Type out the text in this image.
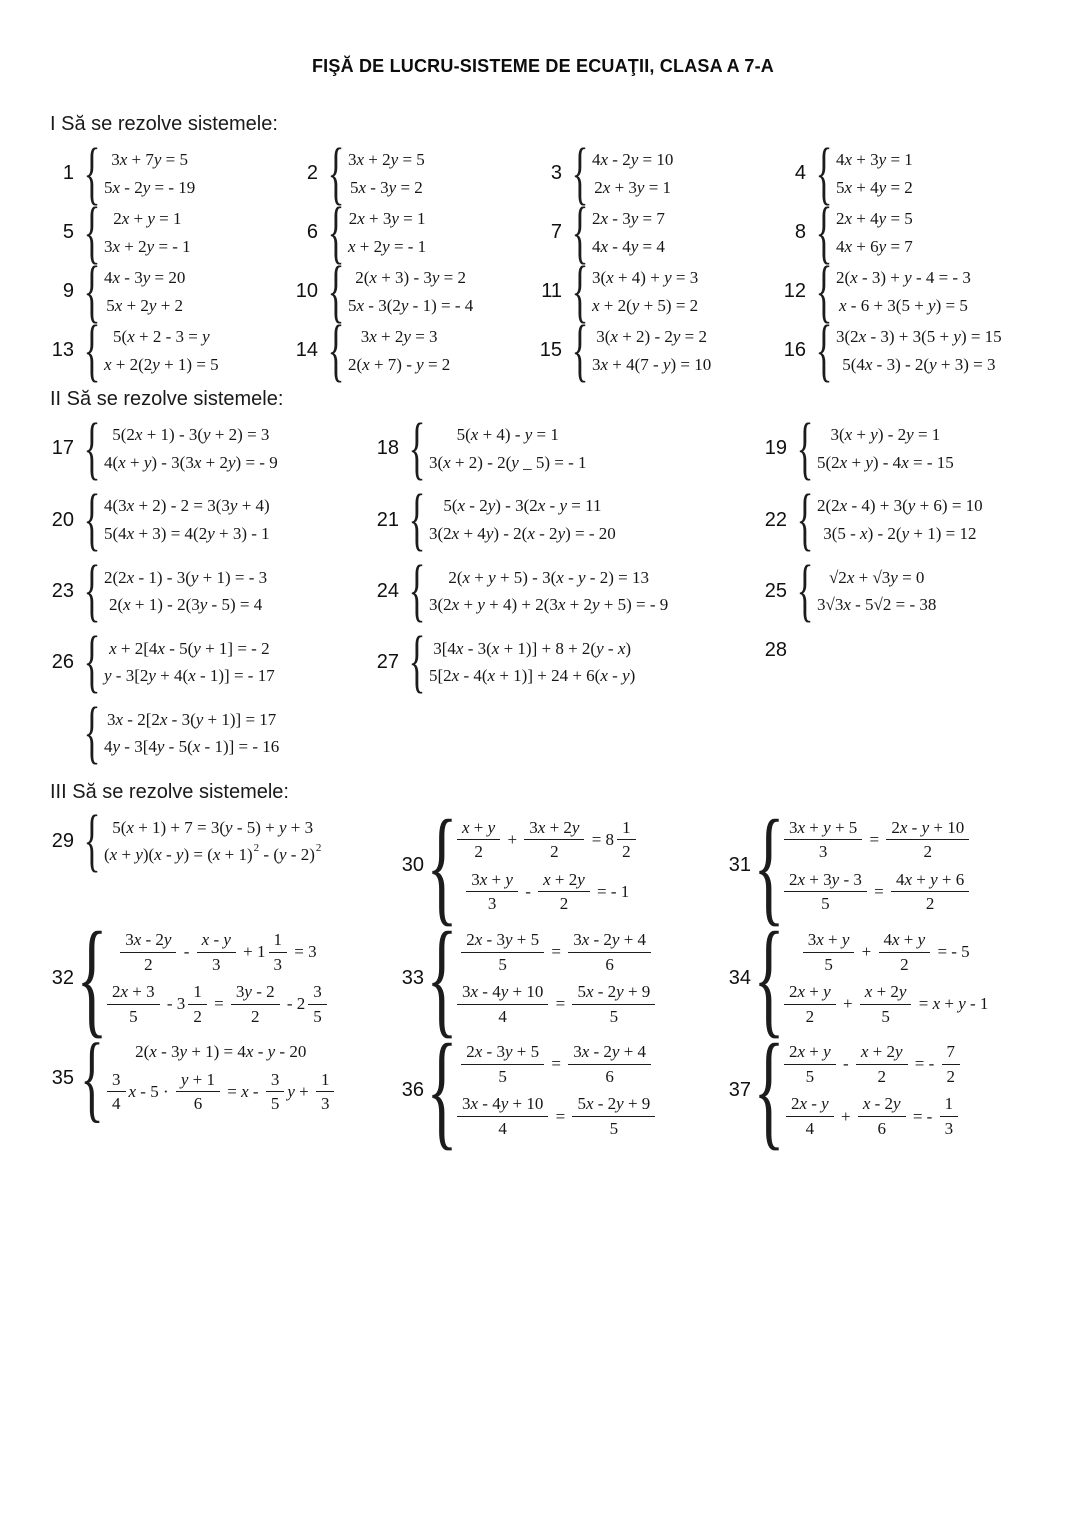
FIŞĂ DE LUCRU-SISTEME DE ECUAŢII, CLASA A 7-A
I Să se rezolve sistemele:
1 { 3x + 7y = 5
5x - 2y = - 19
2 { 3x + 2y = 5
5x - 3y = 2
3 { 4x - 2y = 10
2x + 3y = 1
4 { 4x + 3y = 1
5x + 4y = 2
5 { 2x + y = 1
3x + 2y = - 1
6 { 2x + 3y = 1
x + 2y = - 1
7 { 2x - 3y = 7
4x - 4y = 4
8 { 2x + 4y = 5
4x + 6y = 7
9 { 4x - 3y = 20
5x + 2y + 2
10 { 2(x + 3) - 3y = 2
5x - 3(2y - 1) = - 4
11 { 3(x + 4) + y = 3
x + 2(y + 5) = 2
12 { 2(x - 3) + y - 4 = - 3
x - 6 + 3(5 + y) = 5
13 { 5(x + 2 - 3 = y
x + 2(2y + 1) = 5
14 { 3x + 2y = 3
2(x + 7) - y = 2
15 { 3(x + 2) - 2y = 2
3x + 4(7 - y) = 10
16 { 3(2x - 3) + 3(5 + y) = 15
5(4x - 3) - 2(y + 3) = 3
II Să se rezolve sistemele:
17 { 5(2x + 1) - 3(y + 2) = 3
4(x + y) - 3(3x + 2y) = - 9
18 { 5(x + 4) - y = 1
3(x + 2) - 2(y _ 5) = - 1
19 { 3(x + y) - 2y = 1
5(2x + y) - 4x = - 15
20 { 4(3x + 2) - 2 = 3(3y + 4)
5(4x + 3) = 4(2y + 3) - 1
21 { 5(x - 2y) - 3(2x - y = 11
3(2x + 4y) - 2(x - 2y) = - 20
22 { 2(2x - 4) + 3(y + 6) = 10
3(5 - x) - 2(y + 1) = 12
23 { 2(2x - 1) - 3(y + 1) = - 3
2(x + 1) - 2(3y - 5) = 4
24 { 2(x + y + 5) - 3(x - y - 2) = 13
3(2x + y + 4) + 2(3x + 2y + 5) = - 9
25 { √2x + √3y = 0
3√3x - 5√2 = - 38
26 { x + 2[4x - 5(y + 1] = - 2
y - 3[2y + 4(x - 1)] = - 17
27 { 3[4x - 3(x + 1)] + 8 + 2(y - x)
5[2x - 4(x + 1)] + 24 + 6(x - y)
28
{ 3x - 2[2x - 3(y + 1)] = 17
4y - 3[4y - 5(x - 1)] = - 16
III Să se rezolve sistemele:
29 { 5(x + 1) + 7 = 3(y - 5) + y + 3
$(x + y)(x - y) = (x + 1)^2 - (y - 2)^2$
30 { $\frac{x + y}{2} + \frac{3x + 2y}{2} = 8 \frac{1}{2}$
$\frac{3x + y}{3} - \frac{x + 2y}{2}$ = - 1
31 { $\frac{3x + y + 5}{3} = \frac{2x - y + 10}{2}$
$\frac{2x + 3y - 3}{5} = \frac{4x + y + 6}{2}$
32 { $\frac{3x - 2y}{2} - \frac{x - y}{3} + 1 \frac{1}{3} = 3$
$\frac{2x + 3}{5} - 3 \frac{1}{2} = \frac{3y - 2}{2} - 2 \frac{3}{5}$
33 { $\frac{2x - 3y + 5}{5} = \frac{3x - 2y + 4}{6}$
$\frac{3x - 4y + 10}{4} = \frac{5x - 2y + 9}{5}$
34 { $\frac{3x + y}{5} + \frac{4x + y}{2}$ = - 5
$\frac{2x + y}{2} + \frac{x + 2y}{5} = x + y - 1$
35 { 2(x - 3y + 1) = 4x - y - 20
$\frac{3}{4}$ $x - 5 \cdot \frac{y + 1}{6} = x - \frac{3}{5}$ $y + \frac{1}{3}$	36 { $\frac{2x - 3y + 5}{5} = \frac{3x - 2y + 4}{6}$
$\frac{3x - 4y + 10}{4} = \frac{5x - 2y + 9}{5}$
37 { $\frac{2x + y}{5} - \frac{x + 2y}{2}$ = - $\frac{7}{2}$
$\frac{2x - y}{4} + \frac{x - 2y}{6}$ = - $\frac{1}{3}$
